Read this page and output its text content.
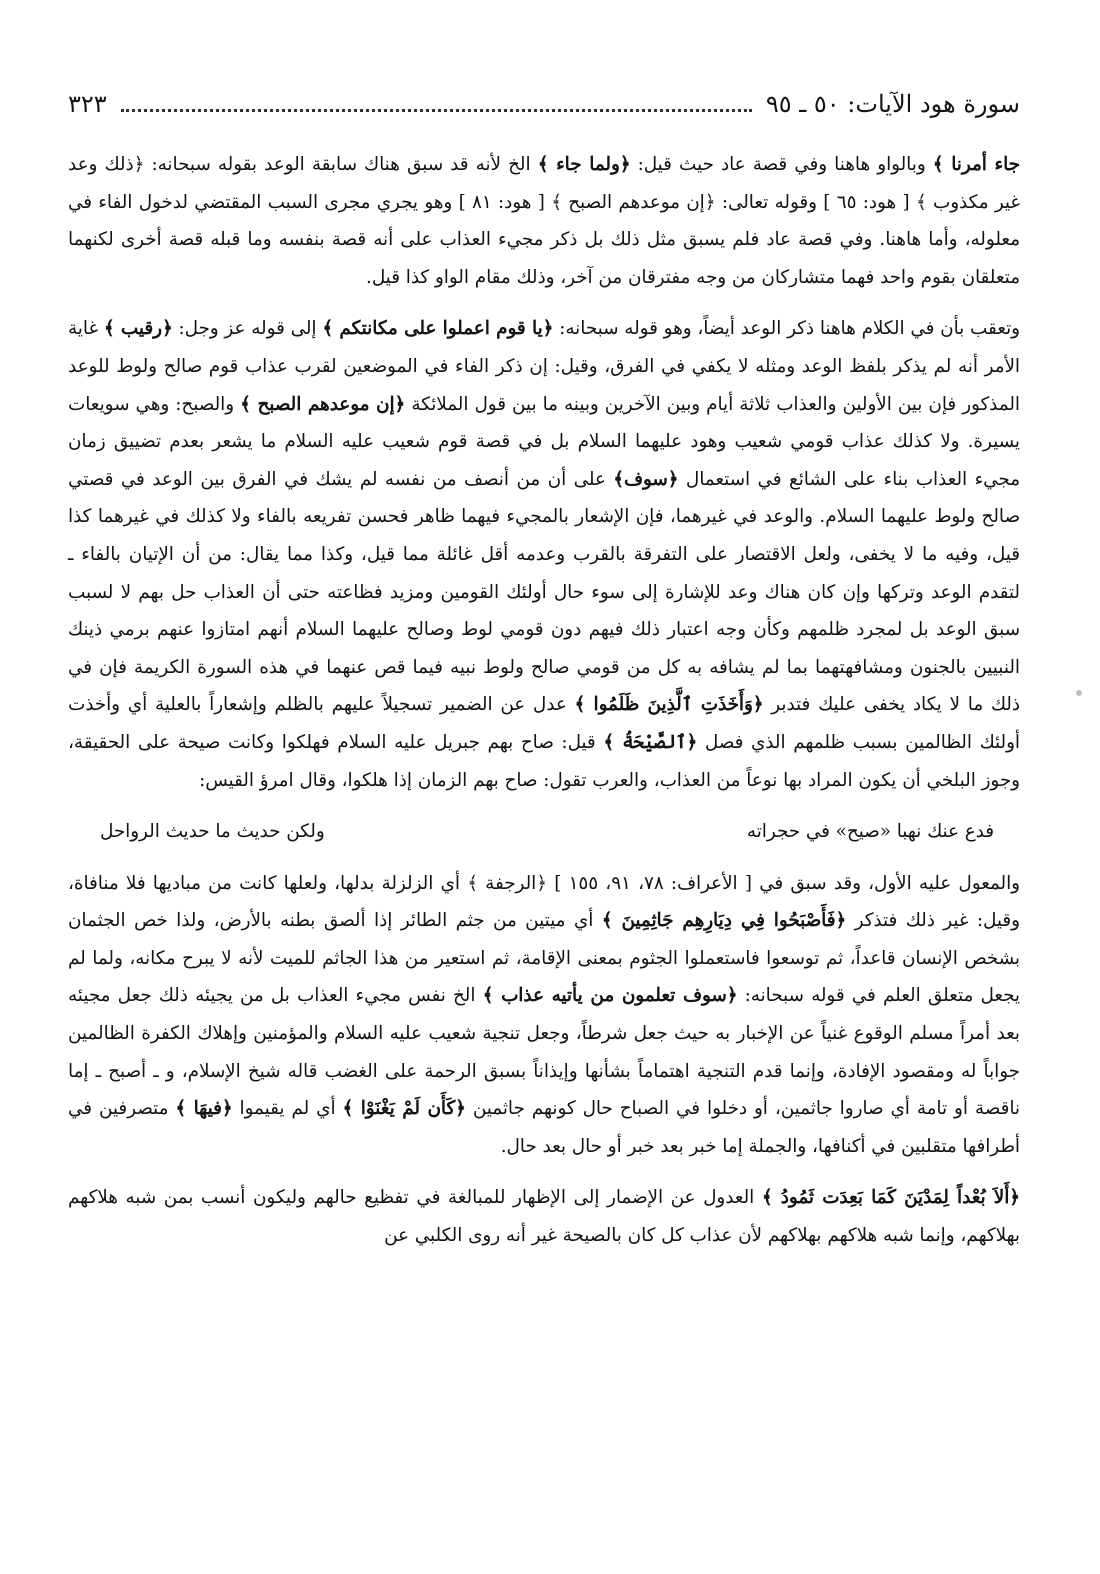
سورة هود الآيات: ٥٠ ـ ٩٥
٣٢٣

جاء أمرنا ﴾ وبالواو هاهنا وفي قصة عاد حيث قيل: ﴿ولما جاء ﴾ الخ لأنه قد سبق هناك سابقة الوعد بقوله سبحانه: ﴿ذلك وعد غير مكذوب ﴾ [ هود: ٦٥ ] وقوله تعالى: ﴿إن موعدهم الصبح ﴾ [ هود: ٨١ ] وهو يجري مجرى السبب المقتضي لدخول الفاء في معلوله، وأما هاهنا. وفي قصة عاد فلم يسبق مثل ذلك بل ذكر مجيء العذاب على أنه قصة بنفسه وما قبله قصة أخرى لكنهما متعلقان بقوم واحد فهما متشاركان من وجه مفترقان من آخر، وذلك مقام الواو كذا قيل.

وتعقب بأن في الكلام هاهنا ذكر الوعد أيضاً، وهو قوله سبحانه: ﴿يا قوم اعملوا على مكانتكم ﴾ إلى قوله عز وجل: ﴿رقيب ﴾ غاية الأمر أنه لم يذكر بلفظ الوعد ومثله لا يكفي في الفرق، وقيل: إن ذكر الفاء في الموضعين لقرب عذاب قوم صالح ولوط للوعد المذكور فإن بين الأولين والعذاب ثلاثة أيام وبين الآخرين وبينه ما بين قول الملائكة ﴿إن موعدهم الصبح ﴾ والصبح: وهي سويعات يسيرة. ولا كذلك عذاب قومي شعيب وهود عليهما السلام بل في قصة قوم شعيب عليه السلام ما يشعر بعدم تضييق زمان مجيء العذاب بناء على الشائع في استعمال ﴿سوف﴾ على أن من أنصف من نفسه لم يشك في الفرق بين الوعد في قصتي صالح ولوط عليهما السلام. والوعد في غيرهما، فإن الإشعار بالمجيء فيهما ظاهر فحسن تفريعه بالفاء ولا كذلك في غيرهما كذا قيل، وفيه ما لا يخفى، ولعل الاقتصار على التفرقة بالقرب وعدمه أقل غائلة مما قيل، وكذا مما يقال: من أن الإتيان بالفاء ـ لتقدم الوعد وتركها وإن كان هناك وعد للإشارة إلى سوء حال أولئك القومين ومزيد فظاعته حتى أن العذاب حل بهم لا لسبب سبق الوعد بل لمجرد ظلمهم وكأن وجه اعتبار ذلك فيهم دون قومي لوط وصالح عليهما السلام أنهم امتازوا عنهم برمي ذينك النبيين بالجنون ومشافهتهما بما لم يشافه به كل من قومي صالح ولوط نبيه فيما قص عنهما في هذه السورة الكريمة فإن في ذلك ما لا يكاد يخفى عليك فتدبر ﴿وَأَخَذَتِ ٱلَّذِينَ ظَلَمُوا ﴾ عدل عن الضمير تسجيلاً عليهم بالظلم وإشعاراً بالعلية أي وأخذت أولئك الظالمين بسبب ظلمهم الذي فصل ﴿ٱلصَّيْحَةُ ﴾ قيل: صاح بهم جبريل عليه السلام فهلكوا وكانت صيحة على الحقيقة، وجوز البلخي أن يكون المراد بها نوعاً من العذاب، والعرب تقول: صاح بهم الزمان إذا هلكوا، وقال امرؤ القيس:

فدع عنك نهبا «صيح» في حجراته
ولكن حديث ما حديث الرواحل

والمعول عليه الأول، وقد سبق في [ الأعراف: ٧٨، ٩١، ١٥٥ ] ﴿الرجفة ﴾ أي الزلزلة بدلها، ولعلها كانت من مباديها فلا منافاة، وقيل: غير ذلك فتذكر ﴿فَأَصْبَحُوا فِي دِيَارِهِم جَاثِمِينَ ﴾ أي ميتين من جثم الطائر إذا ألصق بطنه بالأرض، ولذا خص الجثمان بشخص الإنسان قاعداً، ثم توسعوا فاستعملوا الجثوم بمعنى الإقامة، ثم استعير من هذا الجاثم للميت لأنه لا يبرح مكانه، ولما لم يجعل متعلق العلم في قوله سبحانه: ﴿سوف تعلمون من يأتيه عذاب ﴾ الخ نفس مجيء العذاب بل من يجيئه ذلك جعل مجيئه بعد أمراً مسلم الوقوع غنياً عن الإخبار به حيث جعل شرطاً، وجعل تنجية شعيب عليه السلام والمؤمنين وإهلاك الكفرة الظالمين جواباً له ومقصود الإفادة، وإنما قدم التنجية اهتماماً بشأنها وإيذاناً بسبق الرحمة على الغضب قاله شيخ الإسلام، و ـ أصبح ـ إما ناقصة أو تامة أي صاروا جاثمين، أو دخلوا في الصباح حال كونهم جاثمين ﴿كَأَن لَمْ يَغْنَوْا ﴾ أي لم يقيموا ﴿فيهَا ﴾ متصرفين في أطرافها متقلبين في أكنافها، والجملة إما خبر بعد خبر أو حال بعد حال.

﴿أَلاَ بُعْداً لِمَدْيَنَ كَمَا بَعِدَت ثَمُودُ ﴾ العدول عن الإضمار إلى الإظهار للمبالغة في تفظيع حالهم وليكون أنسب بمن شبه هلاكهم بهلاكهم، وإنما شبه هلاكهم بهلاكهم لأن عذاب كل كان بالصيحة غير أنه روى الكلبي عن
